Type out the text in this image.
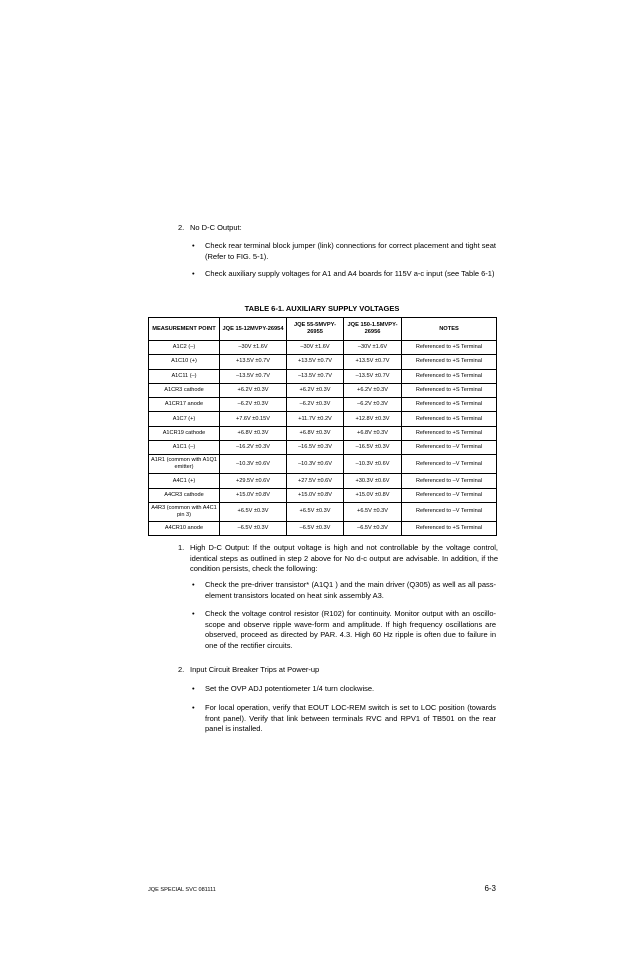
2. No D-C Output:
• Check rear terminal block jumper (link) connections for correct placement and tight seat (Refer to FIG. 5-1).
• Check auxiliary supply voltages for A1 and A4 boards for 115V a-c input (see Table 6-1)
TABLE 6-1. AUXILIARY SUPPLY VOLTAGES
MEASUREMENT POINT	JQE 15-12MVPY-26954	JQE 55-5MVPY-26955	JQE 150-1.5MVPY-26956	NOTES
A1C2 (–)	–30V ±1.6V	–30V ±1.6V	–30V ±1.6V	Referenced to +S Terminal
A1C10 (+)	+13.5V ±0.7V	+13.5V ±0.7V	+13.5V ±0.7V	Referenced to +S Terminal
A1C11 (–)	–13.5V ±0.7V	–13.5V ±0.7V	–13.5V ±0.7V	Referenced to +S Terminal
A1CR3 cathode	+6.2V ±0.3V	+6.2V ±0.3V	+6.2V ±0.3V	Referenced to +S Terminal
A1CR17 anode	–6.2V ±0.3V	–6.2V ±0.3V	–6.2V ±0.3V	Referenced to +S Terminal
A1C7 (+)	+7.6V ±0.15V	+11.7V ±0.2V	+12.8V ±0.3V	Referenced to +S Terminal
A1CR19 cathode	+6.8V ±0.3V	+6.8V ±0.3V	+6.8V ±0.3V	Referenced to +S Terminal
A1C1 (–)	–16.2V ±0.3V	–16.5V ±0.3V	–16.5V ±0.3V	Referenced to –V Terminal
A1R1 (common with A1Q1 emitter)	–10.3V ±0.6V	–10.3V ±0.6V	–10.3V ±0.6V	Referenced to –V Terminal
A4C1 (+)	+29.5V ±0.6V	+27.5V ±0.6V	+30.3V ±0.6V	Referenced to –V Terminal
A4CR3 cathode	+15.0V ±0.8V	+15.0V ±0.8V	+15.0V ±0.8V	Referenced to –V Terminal
A4R3 (common with A4C1 pin 3)	+6.5V ±0.3V	+6.5V ±0.3V	+6.5V ±0.3V	Referenced to –V Terminal
A4CR10 anode	–6.5V ±0.3V	–6.5V ±0.3V	–6.5V ±0.3V	Referenced to +S Terminal
1. High D-C Output: If the output voltage is high and not controllable by the voltage control, identical steps as outlined in step 2 above for No d-c output are advisable. In addition, if the condition persists, check the following:
• Check the pre-driver transistor* (A1Q1 ) and the main driver (Q305) as well as all pass-element transistors located on heat sink assembly A3.
• Check the voltage control resistor (R102) for continuity. Monitor output with an oscillo-scope and observe ripple wave-form and amplitude. If high frequency oscillations are observed, proceed as directed by PAR. 4.3. High 60 Hz ripple is often due to failure in one of the rectifier circuits.
2. Input Circuit Breaker Trips at Power-up
• Set the OVP ADJ potentiometer 1/4 turn clockwise.
• For local operation, verify that EOUT LOC-REM switch is set to LOC position (towards front panel). Verify that link between terminals RVC and RPV1 of TB501 on the rear panel is installed.
JQE SPECIAL SVC 081111	6-3
